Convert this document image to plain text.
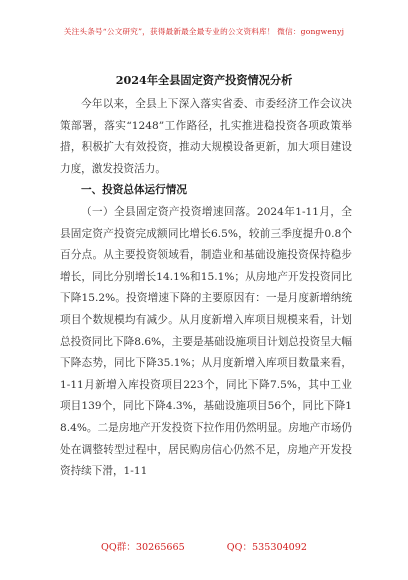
关注头条号“公文研究”，获得最新最全最专业的公文资料库！ 微信：gongwenyj
2024年全县固定资产投资情况分析

今年以来，全县上下深入落实省委、市委经济工作会议决策部署，落实“1248”工作路径，扎实推进稳投资各项政策举措，积极扩大有效投资，推动大规模设备更新，加大项目建设力度，激发投资活力。

一、投资总体运行情况

（一）全县固定资产投资增速回落。2024年1-11月，全县固定资产投资完成额同比增长6.5%，较前三季度提升0.8个百分点。从主要投资领域看，制造业和基础设施投资保持稳步增长，同比分别增长14.1%和15.1%；从房地产开发投资同比下降15.2%。投资增速下降的主要原因有：一是月度新增纳统项目个数规模均有减少。从月度新增入库项目规模来看，计划总投资同比下降8.6%，主要是基础设施项目计划总投资呈大幅下降态势，同比下降35.1%；从月度新增入库项目数量来看，1-11月新增入库投资项目223个，同比下降7.5%，其中工业项目139个，同比下降4.3%，基础设施项目56个，同比下降18.4%。二是房地产开发投资下拉作用仍然明显。房地产市场仍处在调整转型过程中，居民购房信心仍然不足，房地产开发投资持续下滑，1-11

QQ群：30265665	QQ：535304092
